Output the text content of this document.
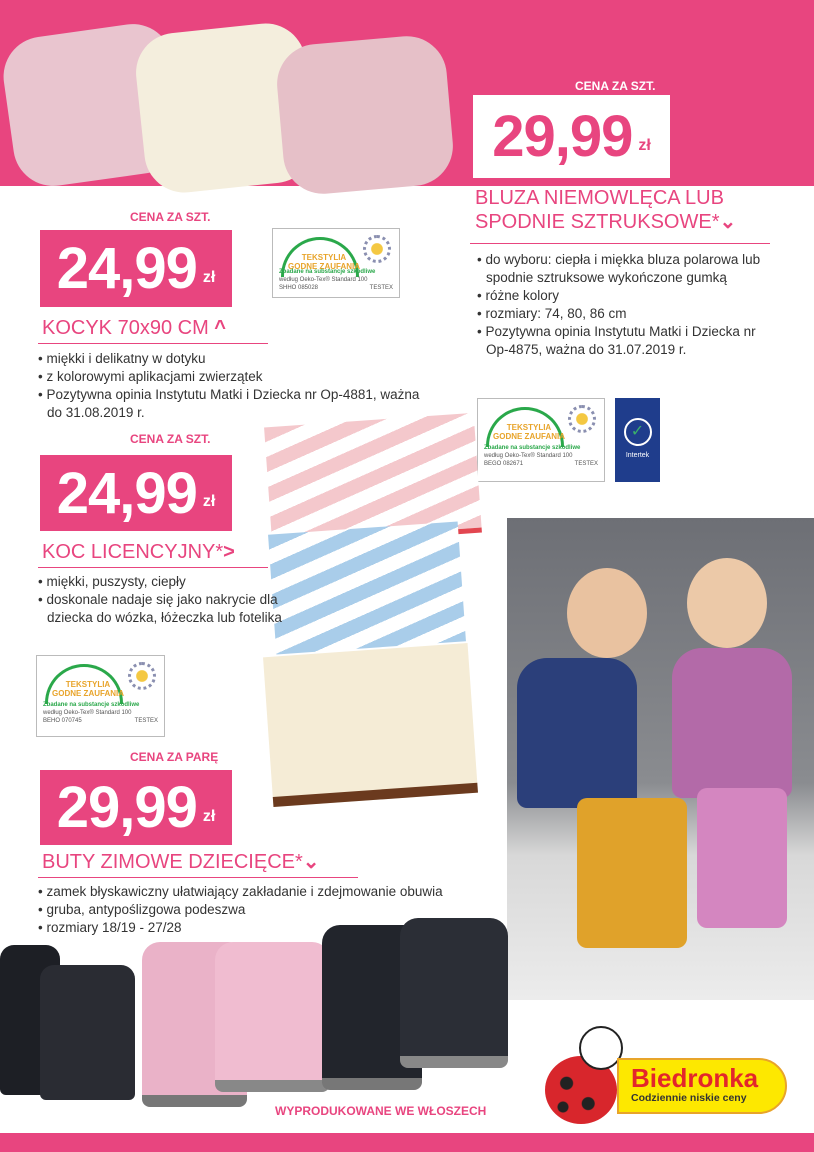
CENA ZA SZT.
29,99 zł
BLUZA NIEMOWLĘCA LUB
SPODNIE SZTRUKSOWE*⌄
• do wyboru: ciepła i miękka bluza polarowa lub spodnie sztruksowe wykończone gumką
• różne kolory
• rozmiary: 74, 80, 86 cm
• Pozytywna opinia Instytutu Matki i Dziecka nr Op-4875, ważna do 31.07.2019 r.
TEKSTYLIA
GODNE ZAUFANIA
Zbadane na substancje szkodliwe
według Oeko-Tex® Standard 100
BEGO 082671	TESTEX
✓
Intertek
CENA ZA SZT.
24,99 zł
TEKSTYLIA
GODNE ZAUFANIA
Zbadane na substancje szkodliwe
według Oeko-Tex® Standard 100
SHHO 085028	TESTEX
KOCYK 70x90 CM ^
• miękki i delikatny w dotyku
• z kolorowymi aplikacjami zwierzątek
• Pozytywna opinia Instytutu Matki i Dziecka nr Op-4881, ważna do 31.08.2019 r.
CENA ZA SZT.
24,99 zł
KOC LICENCYJNY*>
• miękki, puszysty, ciepły
• doskonale nadaje się jako nakrycie dla dziecka do wózka, łóżeczka lub fotelika
TEKSTYLIA
GODNE ZAUFANIA
Zbadane na substancje szkodliwe
według Oeko-Tex® Standard 100
BEHO 070745	TESTEX
CENA ZA PARĘ
29,99 zł
BUTY ZIMOWE DZIECIĘCE*⌄
• zamek błyskawiczny ułatwiający zakładanie i zdejmowanie obuwia
• gruba, antypoślizgowa podeszwa
• rozmiary 18/19 - 27/28
WYPRODUKOWANE WE WŁOSZECH
Biedronka
Codziennie niskie ceny
